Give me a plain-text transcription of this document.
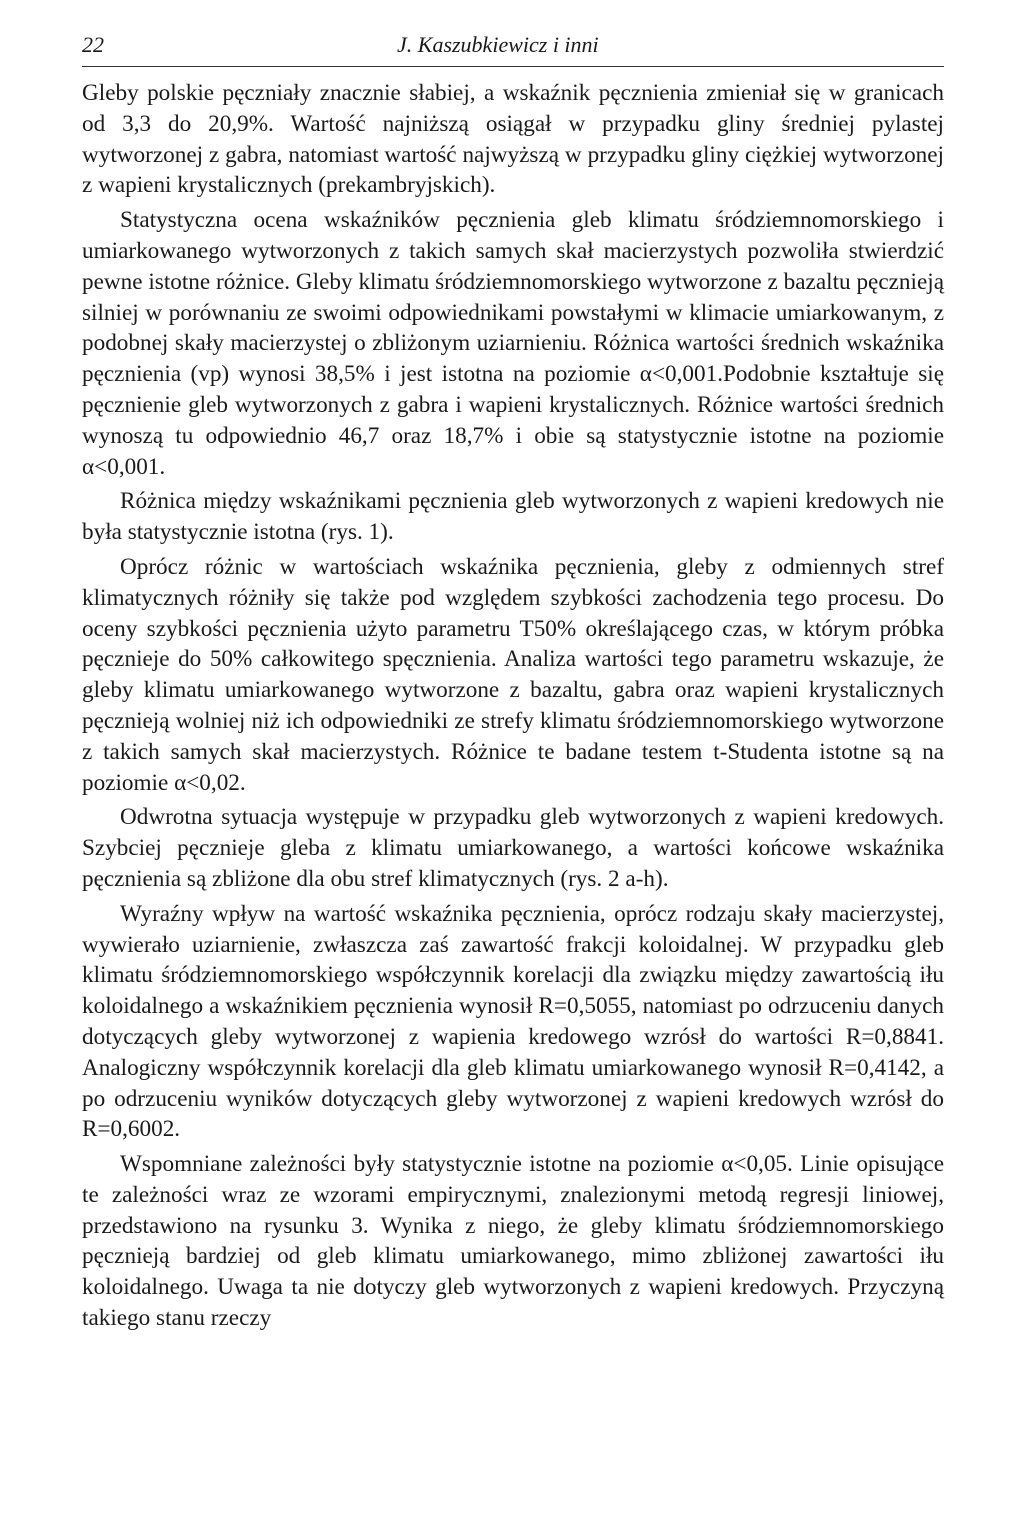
22	J. Kaszubkiewicz i inni

Gleby polskie pęczniały znacznie słabiej, a wskaźnik pęcznienia zmieniał się w granicach od 3,3 do 20,9%. Wartość najniższą osiągał w przypadku gliny średniej pylastej wytworzonej z gabra, natomiast wartość najwyższą w przypadku gliny ciężkiej wytworzonej z wapieni krystalicznych (prekambryjskich).

Statystyczna ocena wskaźników pęcznienia gleb klimatu śródziemnomorskiego i umiarkowanego wytworzonych z takich samych skał macierzystych pozwoliła stwierdzić pewne istotne różnice. Gleby klimatu śródziemnomorskiego wytworzone z bazaltu pęcznieją silniej w porównaniu ze swoimi odpowiednikami powstałymi w klimacie umiarkowanym, z podobnej skały macierzystej o zbliżonym uziarnieniu. Różnica wartości średnich wskaźnika pęcznienia (vp) wynosi 38,5% i jest istotna na poziomie α<0,001.Podobnie kształtuje się pęcznienie gleb wytworzonych z gabra i wapieni krystalicznych. Różnice wartości średnich wynoszą tu odpowiednio 46,7 oraz 18,7% i obie są statystycznie istotne na poziomie α<0,001.

Różnica między wskaźnikami pęcznienia gleb wytworzonych z wapieni kredowych nie była statystycznie istotna (rys. 1).

Oprócz różnic w wartościach wskaźnika pęcznienia, gleby z odmiennych stref klimatycznych różniły się także pod względem szybkości zachodzenia tego procesu. Do oceny szybkości pęcznienia użyto parametru T50% określającego czas, w którym próbka pęcznieje do 50% całkowitego spęcznienia. Analiza wartości tego parametru wskazuje, że gleby klimatu umiarkowanego wytworzone z bazaltu, gabra oraz wapieni krystalicznych pęcznieją wolniej niż ich odpowiedniki ze strefy klimatu śródziemnomorskiego wytworzone z takich samych skał macierzystych. Różnice te badane testem t-Studenta istotne są na poziomie α<0,02.

Odwrotna sytuacja występuje w przypadku gleb wytworzonych z wapieni kredowych. Szybciej pęcznieje gleba z klimatu umiarkowanego, a wartości końcowe wskaźnika pęcznienia są zbliżone dla obu stref klimatycznych (rys. 2 a-h).

Wyraźny wpływ na wartość wskaźnika pęcznienia, oprócz rodzaju skały macierzystej, wywierało uziarnienie, zwłaszcza zaś zawartość frakcji koloidalnej. W przypadku gleb klimatu śródziemnomorskiego współczynnik korelacji dla związku między zawartością iłu koloidalnego a wskaźnikiem pęcznienia wynosił R=0,5055, natomiast po odrzuceniu danych dotyczących gleby wytworzonej z wapienia kredowego wzrósł do wartości R=0,8841. Analogiczny współczynnik korelacji dla gleb klimatu umiarkowanego wynosił R=0,4142, a po odrzuceniu wyników dotyczących gleby wytworzonej z wapieni kredowych wzrósł do R=0,6002.

Wspomniane zależności były statystycznie istotne na poziomie α<0,05. Linie opisujące te zależności wraz ze wzorami empirycznymi, znalezionymi metodą regresji liniowej, przedstawiono na rysunku 3. Wynika z niego, że gleby klimatu śródziemnomorskiego pęcznieją bardziej od gleb klimatu umiarkowanego, mimo zbliżonej zawartości iłu koloidalnego. Uwaga ta nie dotyczy gleb wytworzonych z wapieni kredowych. Przyczyną takiego stanu rzeczy
